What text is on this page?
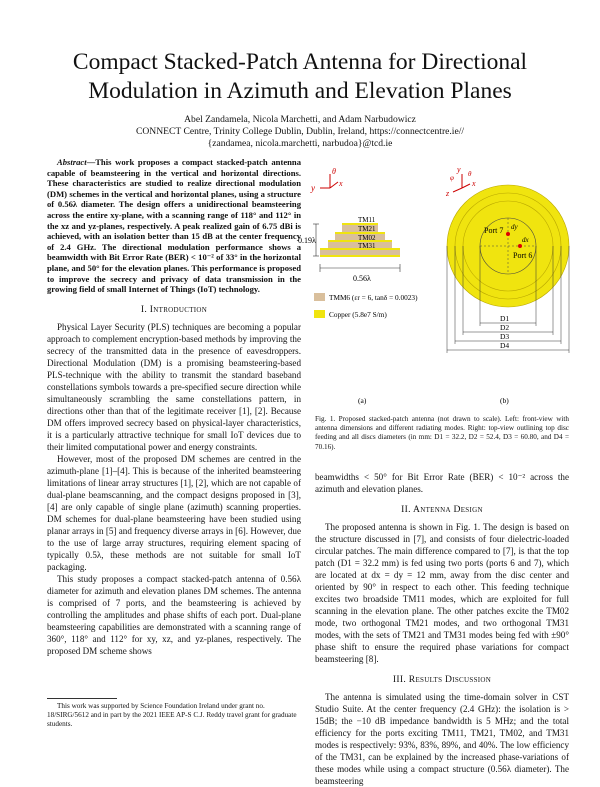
Compact Stacked-Patch Antenna for Directional
Modulation in Azimuth and Elevation Planes
Abel Zandamela, Nicola Marchetti, and Adam Narbudowicz
CONNECT Centre, Trinity College Dublin, Dublin, Ireland, https://connectcentre.ie//
{zandamea, nicola.marchetti, narbudoa}@tcd.ie

Abstract—This work proposes a compact stacked-patch antenna capable of beamsteering in the vertical and horizontal directions. These characteristics are studied to realize directional modulation (DM) schemes in the vertical and horizontal planes, using a structure of 0.56λ diameter. The design offers a unidirectional beamsteering across the entire xy-plane, with a scanning range of 118° and 112° in the xz and yz-planes, respectively. A peak realized gain of 6.75 dBi is achieved, with an isolation better than 15 dB at the center frequency of 2.4 GHz. The directional modulation performance shows a beamwidth with Bit Error Rate (BER) < 10⁻² of 33° in the horizontal plane, and 50° for the elevation planes. This performance is proposed to improve the secrecy and privacy of data transmission in the growing field of small Internet of Things (IoT) technology.

I. Introduction

Physical Layer Security (PLS) techniques are becoming a popular approach to complement encryption-based methods by improving the secrecy of the transmitted data in the presence of eavesdroppers. Directional Modulation (DM) is a promising beamsteering-based PLS-technique with the ability to transmit the standard baseband constellations symbols towards a pre-specified secure direction while simultaneously scrambling the same constellations pattern, in directions other than that of the legitimate receiver [1], [2]. Because DM offers improved secrecy based on physical-layer characteristics, it is a particularly attractive technique for small IoT devices due to their limited computational power and energy constraints.

However, most of the proposed DM schemes are centred in the azimuth-plane [1]–[4]. This is because of the inherited beamsteering limitations of linear array structures [1], [2], which are not capable of dual-plane beamscanning, and the compact designs proposed in [3], [4] are only capable of single plane (azimuth) scanning properties. DM schemes for dual-plane beamsteering have been studied using planar arrays in [5] and frequency diverse arrays in [6]. However, due to the use of large array structures, requiring element spacing of typically 0.5λ, these methods are not suitable for small IoT packaging.

This study proposes a compact stacked-patch antenna of 0.56λ diameter for azimuth and elevation planes DM schemes. The antenna is comprised of 7 ports, and the beamsteering is achieved by controlling the amplitudes and phase shifts of each port. Dual-plane beamsteering capabilities are demonstrated with a scanning range of 360°, 118° and 112° for xy, xz, and yz-planes, respectively. The proposed DM scheme shows

This work was supported by Science Foundation Ireland under grant no. 18/SIRG/5612 and in part by the 2021 IEEE AP-S C.J. Reddy travel grant for graduate students.
y	x
θ
TM11
TM21
TM02
TM31
0.19λ
0.56λ
TMM6 (εr = 6, tanδ = 0.0023)
Copper (5.8e7 S/m)
(a)
Port 7
Port 6
dy
dx
y
x
z
θ
φ
D1
D2
D3
D4
(b)
Fig. 1. Proposed stacked-patch antenna (not drawn to scale). Left: front-view with antenna dimensions and different radiating modes. Right: top-view outlining top disc feeding and all discs diameters (in mm: D1 = 32.2, D2 = 52.4, D3 = 60.80, and D4 = 70.16).

beamwidths < 50° for Bit Error Rate (BER) < 10⁻² across the azimuth and elevation planes.

II. Antenna Design

The proposed antenna is shown in Fig. 1. The design is based on the structure discussed in [7], and consists of four dielectric-loaded circular patches. The main difference compared to [7], is that the top patch (D1 = 32.2 mm) is fed using two ports (ports 6 and 7), which are located at dx = dy = 12 mm, away from the disc center and oriented by 90° in respect to each other. This feeding technique excites two broadside TM11 modes, which are exploited for full scanning in the elevation plane. The other patches excite the TM02 mode, two orthogonal TM21 modes, and two orthogonal TM31 modes, with the sets of TM21 and TM31 modes being fed with ±90° phase shift to ensure the required phase variations for compact beamsteering [8].

III. Results Discussion

The antenna is simulated using the time-domain solver in CST Studio Suite. At the center frequency (2.4 GHz): the isolation is > 15dB; the −10 dB impedance bandwidth is 5 MHz; and the total efficiency for the ports exciting TM11, TM21, TM02, and TM31 modes is respectively: 93%, 83%, 89%, and 40%. The low efficiency of the TM31, can be explained by the increased phase-variations of these modes while using a compact structure (0.56λ diameter). The beamsteering
